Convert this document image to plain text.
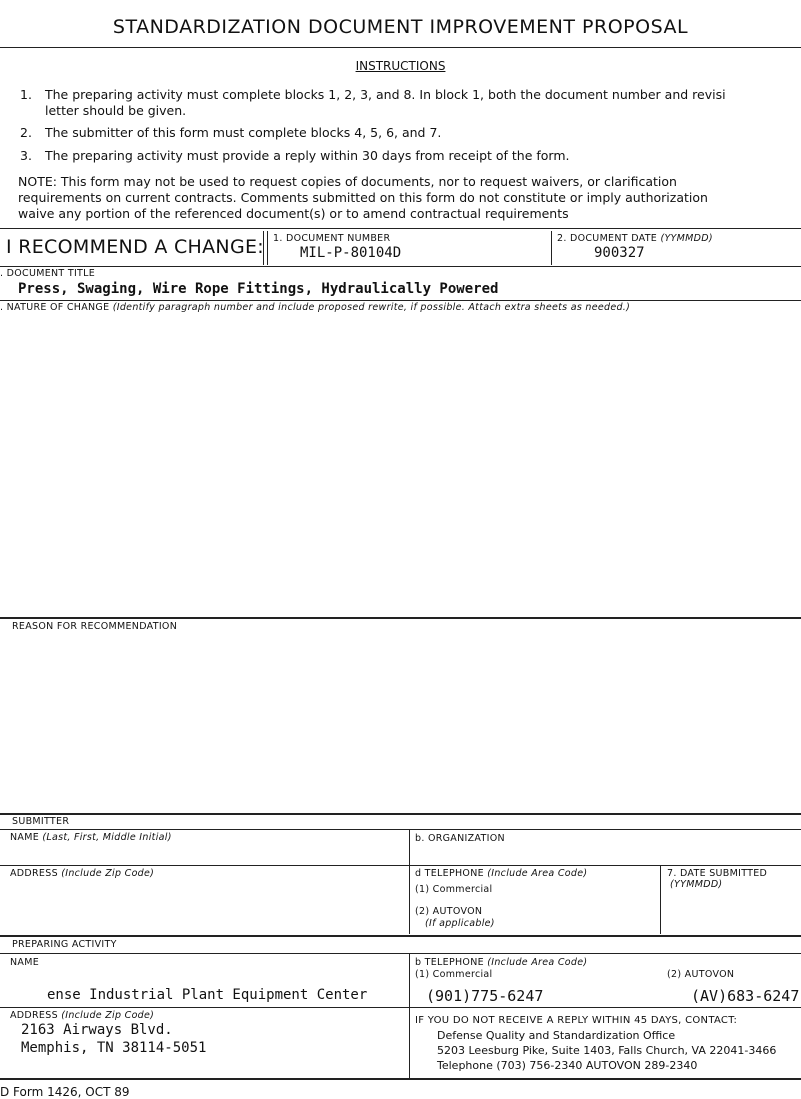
STANDARDIZATION DOCUMENT IMPROVEMENT PROPOSAL
INSTRUCTIONS
1. The preparing activity must complete blocks 1, 2, 3, and 8. In block 1, both the document number and revisi
letter should be given.
2. The submitter of this form must complete blocks 4, 5, 6, and 7.
3. The preparing activity must provide a reply within 30 days from receipt of the form.
NOTE: This form may not be used to request copies of documents, nor to request waivers, or clarification
requirements on current contracts. Comments submitted on this form do not constitute or imply authorization
waive any portion of the referenced document(s) or to amend contractual requirements
I RECOMMEND A CHANGE: 1. DOCUMENT NUMBER
MIL-P-80104D
2. DOCUMENT DATE (YYMMDD)
900327
. DOCUMENT TITLE
Press, Swaging, Wire Rope Fittings, Hydraulically Powered
. NATURE OF CHANGE (Identify paragraph number and include proposed rewrite, if possible. Attach extra sheets as needed.)
REASON FOR RECOMMENDATION
SUBMITTER
NAME (Last, First, Middle Initial)	b. ORGANIZATION
ADDRESS (Include Zip Code)	d TELEPHONE (Include Area Code)
(1) Commercial
(2) AUTOVON
(If applicable)
7. DATE SUBMITTED
(YYMMDD)
PREPARING ACTIVITY
NAME
ense Industrial Plant Equipment Center
b TELEPHONE (Include Area Code)
(1) Commercial	(2) AUTOVON
(901)775-6247	(AV)683-6247
ADDRESS (Include Zip Code)
2163 Airways Blvd.
Memphis, TN 38114-5051
IF YOU DO NOT RECEIVE A REPLY WITHIN 45 DAYS, CONTACT:
Defense Quality and Standardization Office
5203 Leesburg Pike, Suite 1403, Falls Church, VA 22041-3466
Telephone (703) 756-2340 AUTOVON 289-2340
D Form 1426, OCT 89
